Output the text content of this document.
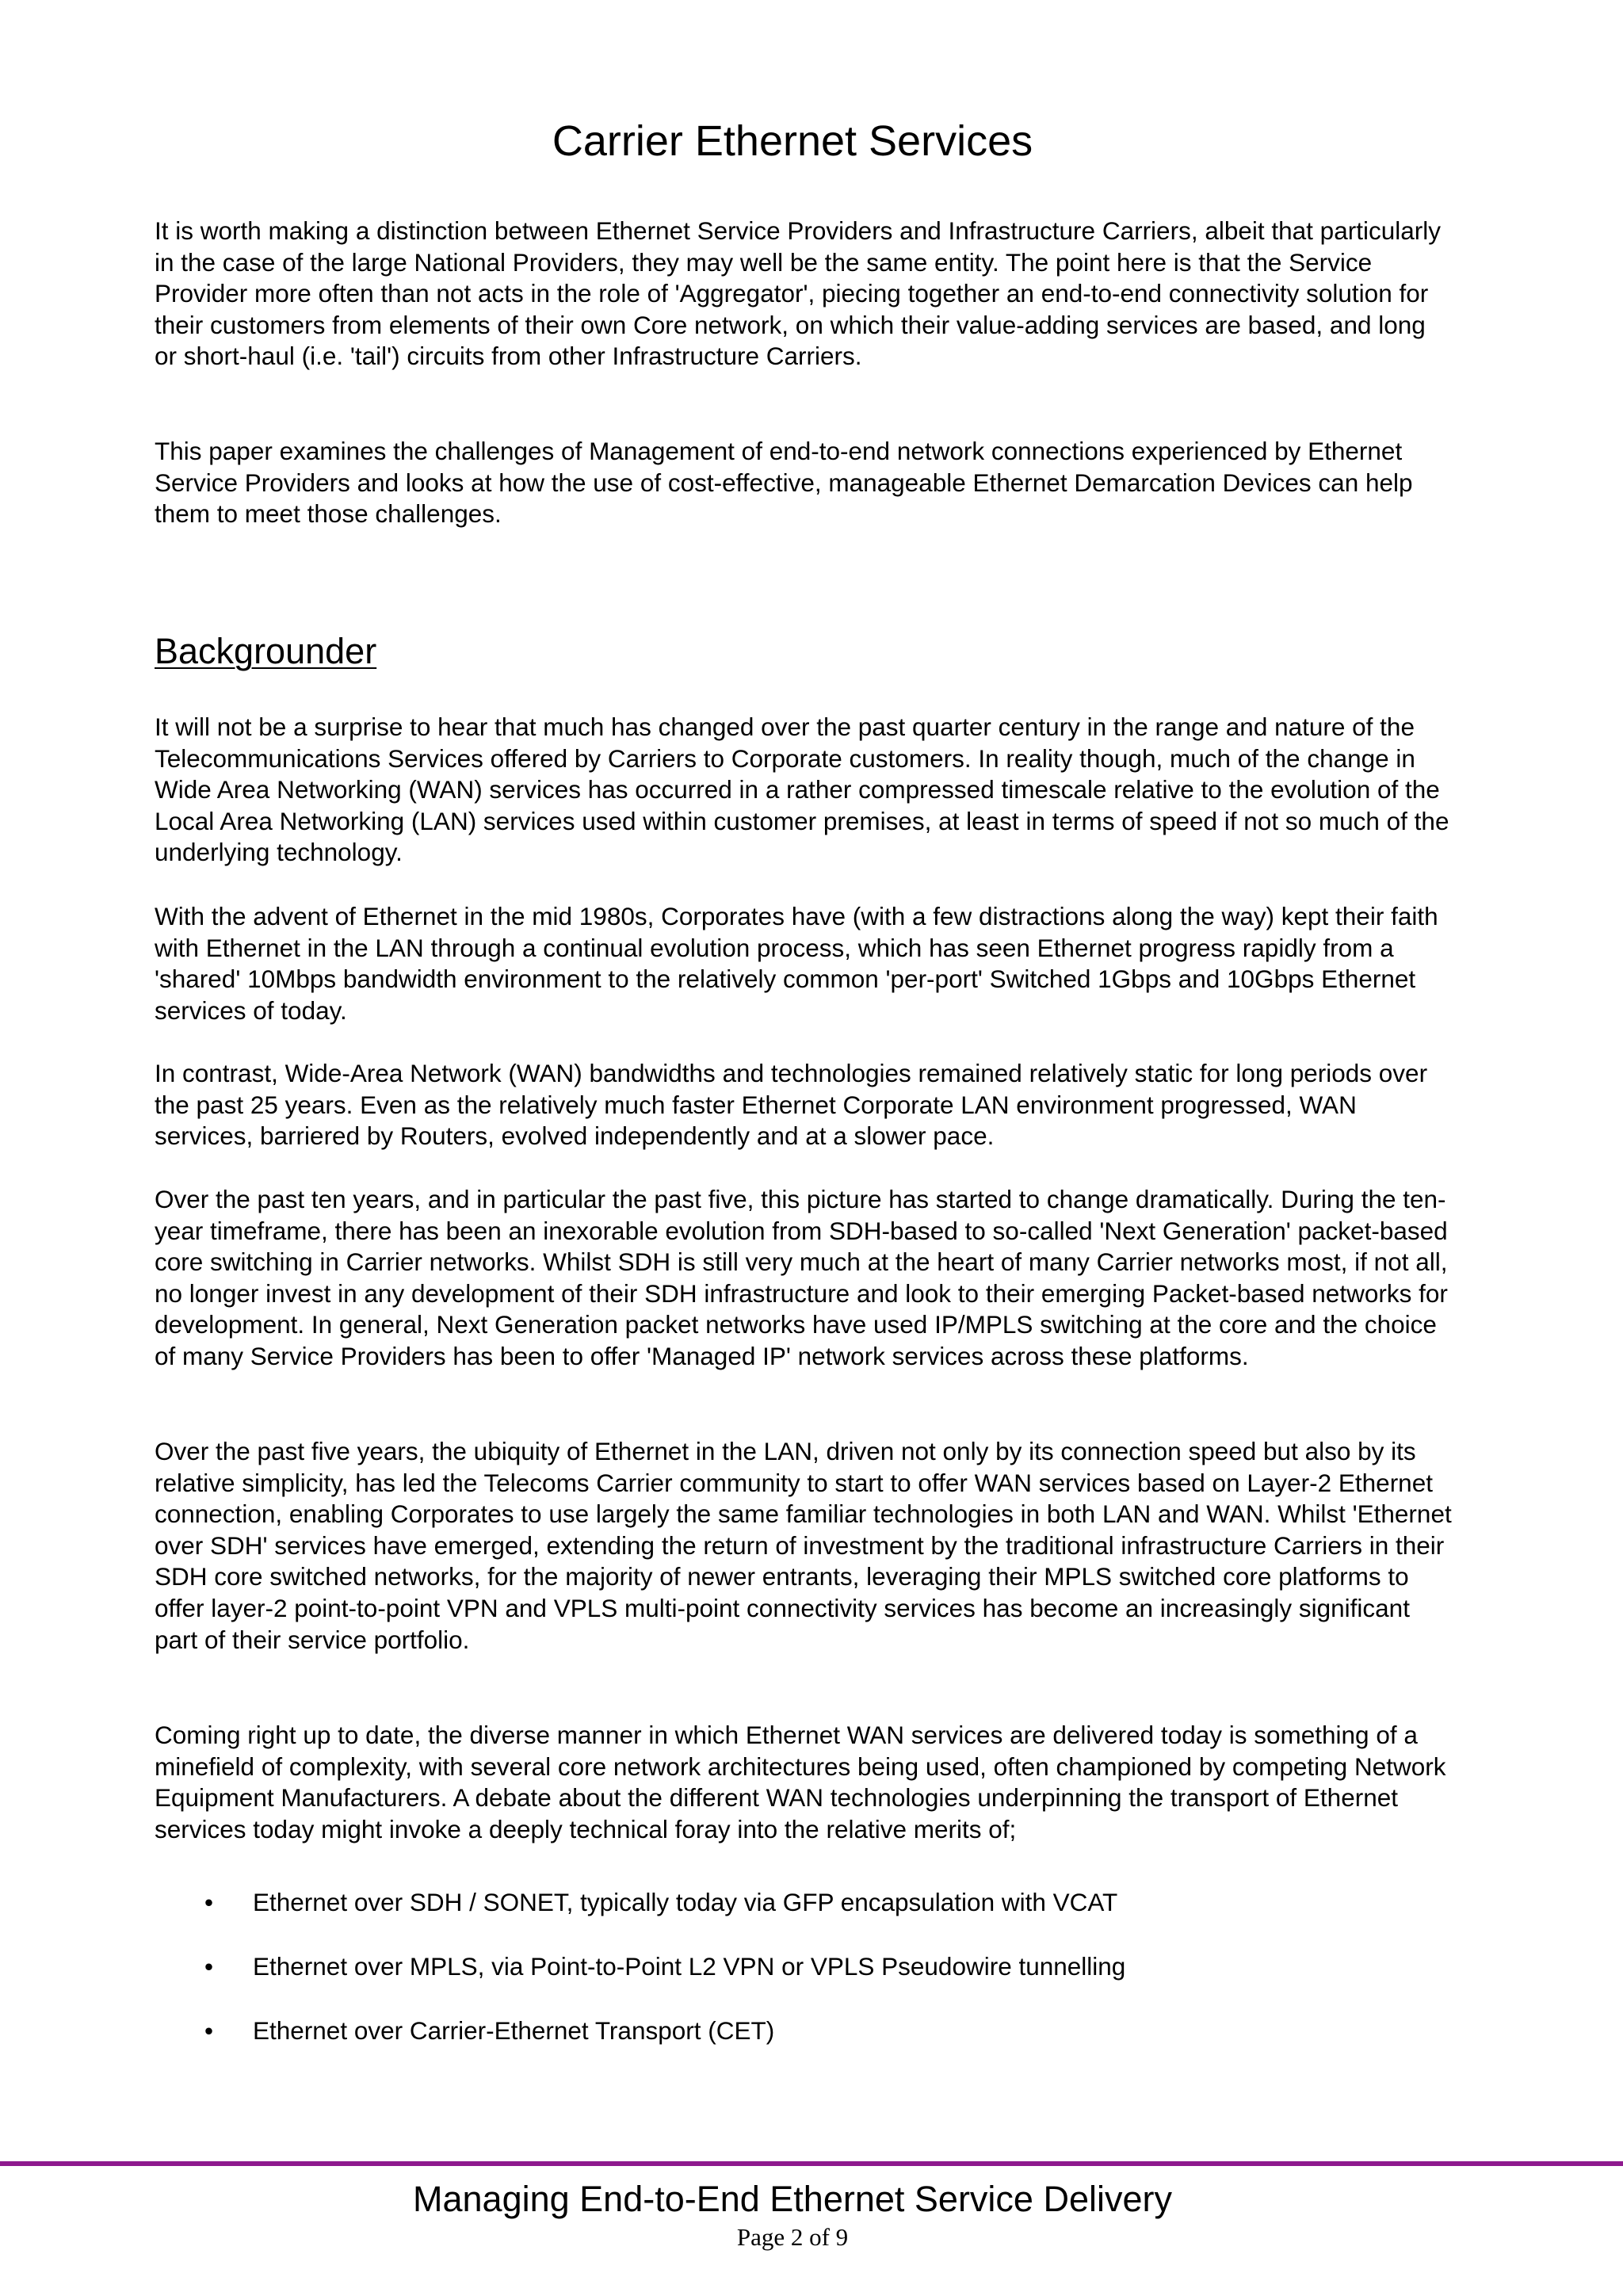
Carrier Ethernet Services

It is worth making a distinction between Ethernet Service Providers and Infrastructure Carriers, albeit that particularly in the case of the large National Providers, they may well be the same entity. The point here is that the Service Provider more often than not acts in the role of 'Aggregator', piecing together an end-to-end connectivity solution for their customers from elements of their own Core network, on which their value-adding services are based, and long or short-haul (i.e. 'tail') circuits from other Infrastructure Carriers.

This paper examines the challenges of Management of end-to-end network connections experienced by Ethernet Service Providers and looks at how the use of cost-effective, manageable Ethernet Demarcation Devices can help them to meet those challenges.

Backgrounder

It will not be a surprise to hear that much has changed over the past quarter century in the range and nature of the Telecommunications Services offered by Carriers to Corporate customers. In reality though, much of the change in Wide Area Networking (WAN) services has occurred in a rather compressed timescale relative to the evolution of the Local Area Networking (LAN) services used within customer premises, at least in terms of speed if not so much of the underlying technology.

With the advent of Ethernet in the mid 1980s, Corporates have (with a few distractions along the way) kept their faith with Ethernet in the LAN through a continual evolution process, which has seen Ethernet progress rapidly from a 'shared' 10Mbps bandwidth environment to the relatively common 'per-port' Switched 1Gbps and 10Gbps Ethernet services of today.

In contrast, Wide-Area Network (WAN) bandwidths and technologies remained relatively static for long periods over the past 25 years. Even as the relatively much faster Ethernet Corporate LAN environment progressed, WAN services, barriered by Routers, evolved independently and at a slower pace.

Over the past ten years, and in particular the past five, this picture has started to change dramatically. During the ten-year timeframe, there has been an inexorable evolution from SDH-based to so-called 'Next Generation' packet-based core switching in Carrier networks. Whilst SDH is still very much at the heart of many Carrier networks most, if not all, no longer invest in any development of their SDH infrastructure and look to their emerging Packet-based networks for development. In general, Next Generation packet networks have used IP/MPLS switching at the core and the choice of many Service Providers has been to offer 'Managed IP' network services across these platforms.

Over the past five years, the ubiquity of Ethernet in the LAN, driven not only by its connection speed but also by its relative simplicity, has led the Telecoms Carrier community to start to offer WAN services based on Layer-2 Ethernet connection, enabling Corporates to use largely the same familiar technologies in both LAN and WAN. Whilst 'Ethernet over SDH' services have emerged, extending the return of investment by the traditional infrastructure Carriers in their SDH core switched networks, for the majority of newer entrants, leveraging their MPLS switched core platforms to offer layer-2 point-to-point VPN and VPLS multi-point connectivity services has become an increasingly significant part of their service portfolio.

Coming right up to date, the diverse manner in which Ethernet WAN services are delivered today is something of a minefield of complexity, with several core network architectures being used, often championed by competing Network Equipment Manufacturers. A debate about the different WAN technologies underpinning the transport of Ethernet services today might invoke a deeply technical foray into the relative merits of;

• Ethernet over SDH / SONET, typically today via GFP encapsulation with VCAT
• Ethernet over MPLS, via Point-to-Point L2 VPN or VPLS Pseudowire tunnelling
• Ethernet over Carrier-Ethernet Transport (CET)
Managing End-to-End Ethernet Service Delivery
Page 2 of 9
